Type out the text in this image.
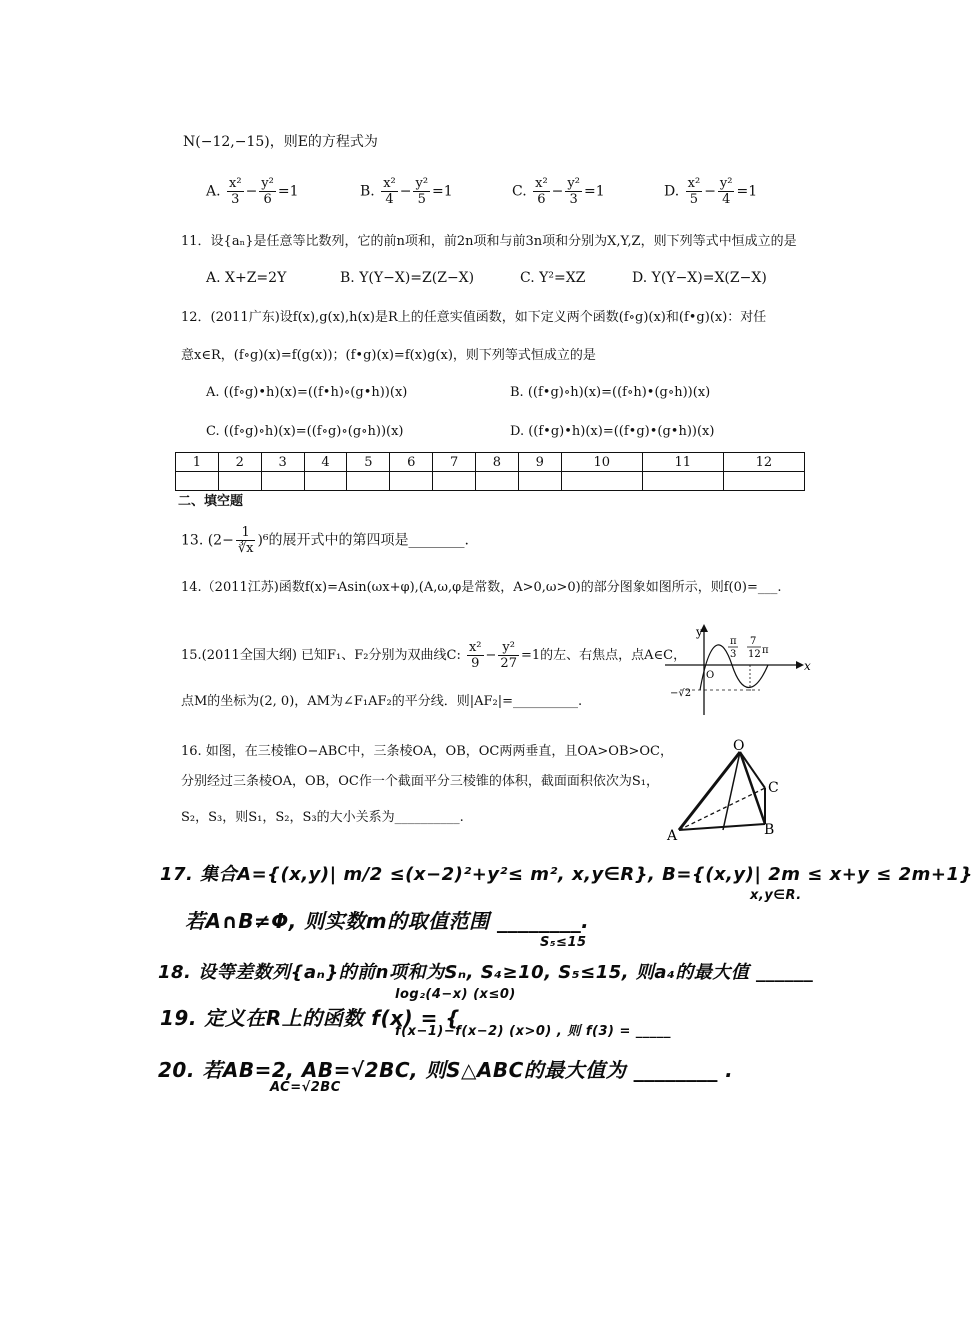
N(−12,−15)，则E的方程式为
A. $\frac{\text{x²}}{3} - \frac{\text{y²}}{6} =1$	B. $\frac{\text{x²}}{4} - \frac{\text{y²}}{5} =1$	C. $\frac{\text{x²}}{6} - \frac{\text{y²}}{3} =1$	D. $\frac{\text{x²}}{5} - \frac{\text{y²}}{4} =1$
11．设{aₙ}是任意等比数列，它的前n项和，前2n项和与前3n项和分别为X,Y,Z，则下列等式中恒成立的是
A. X+Z=2Y	B. Y(Y−X)=Z(Z−X)	C. Y²=XZ	D. Y(Y−X)=X(Z−X)
12．(2011广东)设f(x),g(x),h(x)是R上的任意实值函数，如下定义两个函数(f∘g)(x)和(f•g)(x)：对任
意x∈R，(f∘g)(x)=f(g(x))；(f•g)(x)=f(x)g(x)，则下列等式恒成立的是
A. ((f∘g)•h)(x)=((f•h)∘(g•h))(x)	B. ((f•g)∘h)(x)=((f∘h)•(g∘h))(x)
C. ((f∘g)∘h)(x)=((f∘g)∘(g∘h))(x)	D. ((f•g)•h)(x)=((f•g)•(g•h))(x)
1	2	3	4	5	6	7	8	9	10	11	12

二、填空题
13. $(2- \frac{1}{∛x} )^6$的展开式中的第四项是________.
14.（2011江苏)函数f(x)=Asin(ωx+φ),(A,ω,φ是常数，A>0,ω>0)的部分图象如图所示，则f(0)=___.
15.(2011全国大纲) 已知F₁、F₂分别为双曲线C: $\frac{\text{x²}}{9} - \frac{\text{y²}}{27} =1$的左、右焦点，点A∈C，
点M的坐标为(2, 0)，AM为∠F₁AF₂的平分线．则|AF₂|=__________.
y
x
O
π
3
7
12 π
−√2
16. 如图，在三棱锥O−ABC中，三条棱OA，OB，OC两两垂直，且OA>OB>OC，
分别经过三条棱OA，OB，OC作一个截面平分三棱锥的体积，截面面积依次为S₁，
S₂，S₃，则S₁，S₂，S₃的大小关系为__________.
O
A	B
C
17. 集合A={(x,y)| m/2 ≤(x−2)²+y²≤ m², x,y∈R}, B={(x,y)| 2m ≤ x+y ≤ 2m+1}
x,y∈R.
若A∩B≠Φ, 则实数m的取值范围 ________.
S₅≤15
18. 设等差数列{aₙ}的前n项和为Sₙ, S₄≥10, S₅≤15, 则a₄的最大值 ______
log₂(4−x) (x≤0)
19. 定义在R上的函数 f(x) = {
f(x−1)−f(x−2) (x>0) , 则 f(3) = _____
20. 若AB=2, AB=√2BC, 则S△ABC的最大值为 ________ .
AC=√2BC
